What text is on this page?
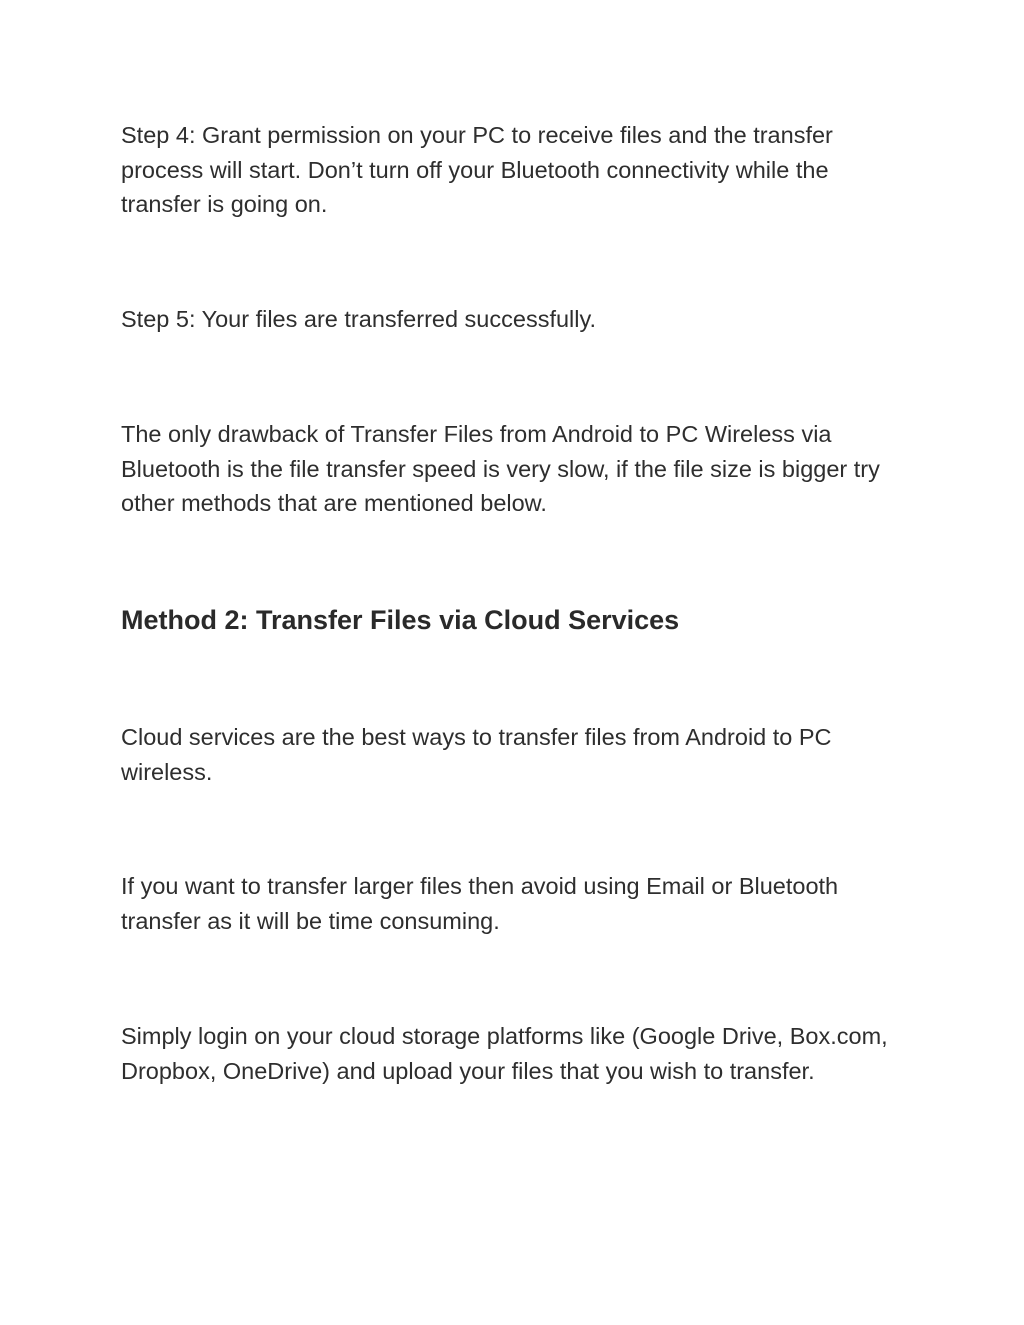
Step 4: Grant permission on your PC to receive files and the transfer process will start. Don’t turn off your Bluetooth connectivity while the transfer is going on.

Step 5: Your files are transferred successfully.

The only drawback of Transfer Files from Android to PC Wireless via Bluetooth is the file transfer speed is very slow, if the file size is bigger try other methods that are mentioned below.

Method 2: Transfer Files via Cloud Services

Cloud services are the best ways to transfer files from Android to PC wireless.

If you want to transfer larger files then avoid using Email or Bluetooth transfer as it will be time consuming.

Simply login on your cloud storage platforms like (Google Drive, Box.com, Dropbox, OneDrive) and upload your files that you wish to transfer.
